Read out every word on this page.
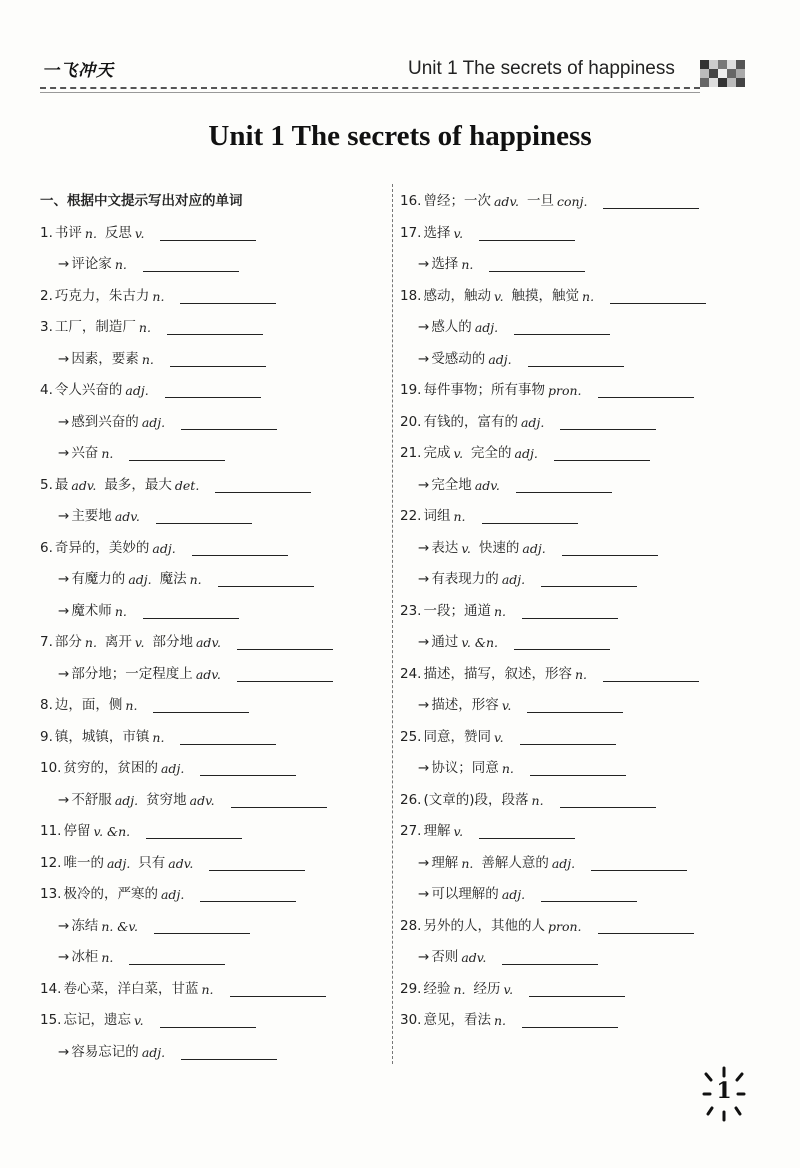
一飞冲天	Unit 1 The secrets of happiness
Unit 1 The secrets of happiness
一、根据中文提示写出对应的单词
1. 书评 n. 反思 v.
→ 评论家 n.
2. 巧克力，朱古力 n.
3. 工厂，制造厂 n.
→ 因素，要素 n.
4. 令人兴奋的 adj.
→ 感到兴奋的 adj.
→ 兴奋 n.
5. 最 adv. 最多，最大 det.
→ 主要地 adv.
6. 奇异的，美妙的 adj.
→ 有魔力的 adj. 魔法 n.
→ 魔术师 n.
7. 部分 n. 离开 v. 部分地 adv.
→ 部分地；一定程度上 adv.
8. 边，面，侧 n.
9. 镇，城镇，市镇 n.
10. 贫穷的，贫困的 adj.
→ 不舒服 adj. 贫穷地 adv.
11. 停留 v. &n.
12. 唯一的 adj. 只有 adv.
13. 极冷的，严寒的 adj.
→ 冻结 n. &v.
→ 冰柜 n.
14. 卷心菜，洋白菜，甘蓝 n.
15. 忘记，遗忘 v.
→ 容易忘记的 adj.
16. 曾经；一次 adv. 一旦 conj.
17. 选择 v.
→ 选择 n.
18. 感动，触动 v. 触摸，触觉 n.
→ 感人的 adj.
→ 受感动的 adj.
19. 每件事物；所有事物 pron.
20. 有钱的，富有的 adj.
21. 完成 v. 完全的 adj.
→ 完全地 adv.
22. 词组 n.
→ 表达 v. 快速的 adj.
→ 有表现力的 adj.
23. 一段；通道 n.
→ 通过 v. &n.
24. 描述，描写，叙述，形容 n.
→ 描述，形容 v.
25. 同意，赞同 v.
→ 协议；同意 n.
26. (文章的)段，段落 n.
27. 理解 v.
→ 理解 n. 善解人意的 adj.
→ 可以理解的 adj.
28. 另外的人，其他的人 pron.
→ 否则 adv.
29. 经验 n. 经历 v.
30. 意见，看法 n.
1
